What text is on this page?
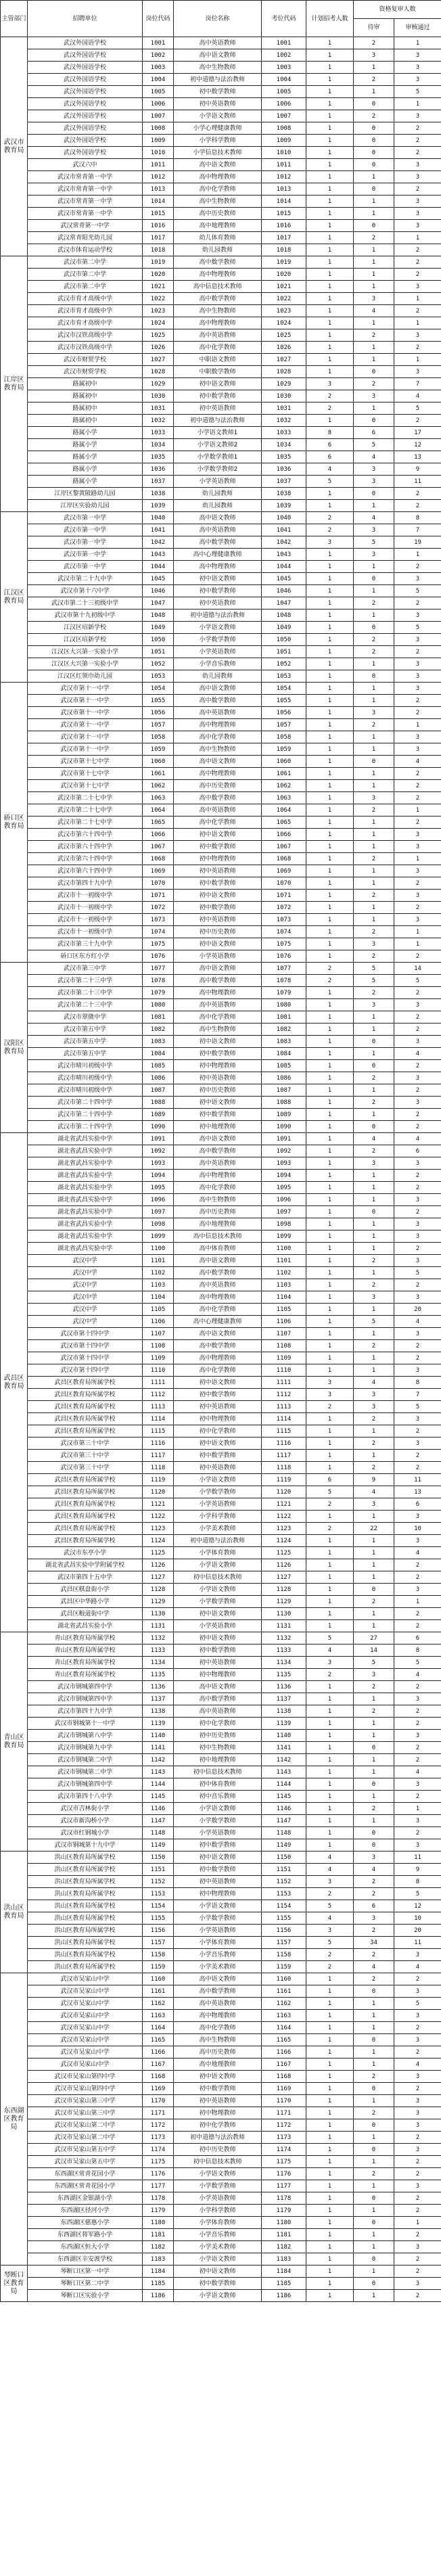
主管部门	招聘单位	岗位代码	岗位名称	考位代码	计划招考人数	资格复审人数	
						待审	审核通过
武汉市教育局	武汉外国语学校	1001	高中英语教师	1001	1	2	1
	武汉外国语学校	1002	高中语文教师	1002	1	3	3
	武汉外国语学校	1003	高中生物教师	1003	1	1	3
	武汉外国语学校	1004	初中道德与法治教师	1004	1	2	3
	武汉外国语学校	1005	初中数学教师	1005	1	1	5
	武汉外国语学校	1006	初中英语教师	1006	1	0	1
	武汉外国语学校	1007	小学语文教师	1007	1	2	3
	武汉外国语学校	1008	小学心理健康教师	1008	1	0	2
	武汉外国语学校	1009	小学科学教师	1009	1	0	2
	武汉外国语学校	1010	小学信息技术教师	1010	1	0	2
	武汉六中	1011	高中语文教师	1011	1	0	3
	武汉市常青第一中学	1012	高中物理教师	1012	1	1	3
	武汉市常青第一中学	1013	高中化学教师	1013	1	0	2
	武汉市常青第一中学	1014	高中生物教师	1014	1	1	3
	武汉市常青第一中学	1015	高中历史教师	1015	1	1	3
	武汉常青第一中学	1016	高中地理教师	1016	1	0	3
	武汉常青阳光幼儿园	1017	幼儿体育教师	1017	1	2	1
	武汉市体育运动学校	1018	幼儿园教师	1018	1	1	2
江岸区教育局	武汉市第二中学	1019	高中数学教师	1019	1	1	2
	武汉市第二中学	1020	高中物理教师	1020	1	1	2
	武汉市第二中学	1021	高中信息技术教师	1021	1	1	3
	武汉市育才高级中学	1022	高中数学教师	1022	1	3	1
	武汉市育才高级中学	1023	高中生物教师	1023	1	4	2
	武汉市育才高级中学	1024	高中物理教师	1024	1	1	1
	武汉市汉铁高级中学	1025	高中英语教师	1025	1	2	3
	武汉市汉铁高级中学	1026	高中化学教师	1026	1	1	2
	武汉市财贸学校	1027	中职语文教师	1027	1	1	1
	武汉市财贸学校	1028	中职数学教师	1028	1	0	3
	路属初中	1029	初中语文教师	1029	3	2	7
	路属初中	1030	初中数学教师	1030	2	3	4
	路属初中	1031	初中英语教师	1031	2	1	5
	路属初中	1032	初中道德与法治教师	1032	1	0	2
	路属小学	1033	小学语文教师1	1033	8	6	17
	路属小学	1034	小学语文教师2	1034	6	5	12
	路属小学	1035	小学数学教师1	1035	6	4	13
	路属小学	1036	小学数学教师2	1036	4	3	9
	路属小学	1037	小学英语教师	1037	5	3	11
	江岸区黎黄陂路幼儿园	1038	幼儿园教师	1038	1	0	2
	江岸区实验幼儿园	1039	幼儿园教师	1039	1	1	2
江汉区教育局	武汉市第一中学	1040	高中语文教师	1040	2	4	8
	武汉市第一中学	1041	高中英语教师	1041	2	3	7
	武汉市第一中学	1042	高中数学教师	1042	3	5	19
	武汉市第一中学	1043	高中心理健康教师	1043	1	3	1
	武汉市第一中学	1044	高中物理教师	1044	1	1	2
	武汉市第二十九中学	1045	初中语文教师	1045	1	0	3
	武汉市第十六中学	1046	初中数学教师	1046	1	1	5
	武汉市第二十三初级中学	1047	初中英语教师	1047	1	2	2
	武汉市第十九初级中学	1048	初中道德与法治教师	1048	1	1	3
	江汉区培新学校	1049	小学语文教师	1049	1	0	5
	江汉区培新学校	1050	小学数学教师	1050	1	2	3
	江汉区大兴第一实验小学	1051	小学英语教师	1051	1	2	2
	江汉区大兴第一实验小学	1052	小学音乐教师	1052	1	1	3
	江汉区红领巾幼儿园	1053	幼儿园教师	1053	1	0	3
硚口区教育局	武汉市第十一中学	1054	高中语文教师	1054	1	1	3
	武汉市第十一中学	1055	高中数学教师	1055	1	1	2
	武汉市第十一中学	1056	高中英语教师	1056	1	3	2
	武汉市第十一中学	1057	高中物理教师	1057	1	2	1
	武汉市第十一中学	1058	高中化学教师	1058	1	1	3
	武汉市第十一中学	1059	高中生物教师	1059	1	1	3
	武汉市第十七中学	1060	高中语文教师	1060	1	0	4
	武汉市第十七中学	1061	高中物理教师	1061	1	1	2
	武汉市第十七中学	1062	高中历史教师	1062	1	1	2
	武汉市第二十七中学	1063	高中数学教师	1063	1	3	2
	武汉市第二十七中学	1064	高中英语教师	1064	1	2	1
	武汉市第二十七中学	1065	高中化学教师	1065	1	1	2
	武汉市第六十四中学	1066	初中语文教师	1066	1	1	3
	武汉市第六十四中学	1067	初中数学教师	1067	1	1	3
	武汉市第六十四中学	1068	初中物理教师	1068	1	2	1
	武汉市第六十四中学	1069	初中英语教师	1069	1	1	3
	武汉市第四十九中学	1070	初中数学教师	1070	1	1	2
	武汉市十一初级中学	1071	初中语文教师	1071	1	2	3
	武汉市十一初级中学	1072	初中数学教师	1072	1	1	2
	武汉市十一初级中学	1073	初中英语教师	1073	1	1	3
	武汉市十一初级中学	1074	初中历史教师	1074	1	2	1
	武汉市第三十九中学	1075	初中语文教师	1075	1	3	1
	硚口区东方红小学	1076	小学英语教师	1076	1	2	2
汉阳区教育局	武汉市第三中学	1077	高中语文教师	1077	2	5	14
	武汉市第二十三中学	1078	高中数学教师	1078	2	5	5
	武汉市第二十三中学	1079	高中物理教师	1079	1	2	2
	武汉市第二十三中学	1080	高中英语教师	1080	1	3	3
	武汉市翠微中学	1081	高中化学教师	1081	1	1	2
	武汉市第五中学	1082	高中生物教师	1082	1	1	2
	武汉市第五中学	1083	初中语文教师	1083	1	0	3
	武汉市第五中学	1084	初中数学教师	1084	1	1	4
	武汉市晴川初级中学	1085	初中物理教师	1085	1	0	2
	武汉市晴川初级中学	1086	初中英语教师	1086	1	2	3
	武汉市晴川初级中学	1087	初中历史教师	1087	1	1	2
	武汉市第二十四中学	1088	初中语文教师	1088	1	2	3
	武汉市第二十四中学	1089	初中数学教师	1089	1	1	2
	武汉市第二十四中学	1090	初中地理教师	1090	1	0	2
武昌区教育局	湖北省武昌实验中学	1091	高中语文教师	1091	1	4	4
	湖北省武昌实验中学	1092	高中数学教师	1092	1	2	6
	湖北省武昌实验中学	1093	高中英语教师	1093	1	3	3
	湖北省武昌实验中学	1094	高中物理教师	1094	1	1	2
	湖北省武昌实验中学	1095	高中化学教师	1095	1	1	2
	湖北省武昌实验中学	1096	高中生物教师	1096	1	1	3
	湖北省武昌实验中学	1097	高中历史教师	1097	1	0	2
	湖北省武昌实验中学	1098	高中地理教师	1098	1	1	3
	湖北省武昌实验中学	1099	高中信息技术教师	1099	1	1	3
	湖北省武昌实验中学	1100	高中体育教师	1100	1	1	2
	武汉中学	1101	高中语文教师	1101	1	2	3
	武汉中学	1102	高中数学教师	1102	1	1	5
	武汉中学	1103	高中英语教师	1103	1	2	2
	武汉中学	1104	高中物理教师	1104	1	3	3
	武汉中学	1105	高中化学教师	1105	1	1	20
	武汉中学	1106	高中心理健康教师	1106	1	5	4
	武汉市第十四中学	1107	高中语文教师	1107	1	1	3
	武汉市第十四中学	1108	高中数学教师	1108	1	2	2
	武汉市第十四中学	1109	高中物理教师	1109	1	1	2
	武汉市第十四中学	1110	高中化学教师	1110	1	1	3
	武昌区教育局所属学校	1111	初中语文教师	1111	3	4	8
	武昌区教育局所属学校	1112	初中数学教师	1112	3	3	7
	武昌区教育局所属学校	1113	初中英语教师	1113	2	3	5
	武昌区教育局所属学校	1114	初中物理教师	1114	1	2	3
	武昌区教育局所属学校	1115	初中化学教师	1115	1	1	2
	武汉市第三十中学	1116	初中语文教师	1116	1	2	3
	武汉市第三十中学	1117	初中数学教师	1117	1	1	2
	武汉市第三十中学	1118	初中英语教师	1118	1	2	2
	武昌区教育局所属学校	1119	小学语文教师	1119	6	9	11
	武昌区教育局所属学校	1120	小学数学教师	1120	5	4	13
	武昌区教育局所属学校	1121	小学英语教师	1121	2	3	6
	武昌区教育局所属学校	1122	小学科学教师	1122	1	1	3
	武昌区教育局所属学校	1123	小学美术教师	1123	2	22	10
	武昌区教育局所属学校	1124	初中道德与法治教师	1124	1	1	3
	武汉市东亭小学	1125	小学体育教师	1125	1	1	4
	湖北省武昌实验中学附属学校	1126	小学语文教师	1126	1	1	2
	武汉市第四十五中学	1127	初中信息技术教师	1127	1	1	2
	武昌区棋盘街小学	1128	小学语文教师	1128	1	0	3
	武昌区中华路小学	1129	小学数学教师	1129	1	2	1
	武昌区粮道街中学	1130	初中语文教师	1130	1	1	2
	湖北省武昌实验小学	1131	小学英语教师	1131	1	1	2
青山区教育局	青山区教育局所属学校	1132	初中语文教师	1132	5	27	6
	青山区教育局所属学校	1133	初中数学教师	1133	4	14	8
	青山区教育局所属学校	1134	初中英语教师	1134	3	5	5
	青山区教育局所属学校	1135	初中物理教师	1135	2	3	4
	武汉市钢城第四中学	1136	高中语文教师	1136	1	2	2
	武汉市钢城第四中学	1137	高中数学教师	1137	1	1	3
	武汉市第四十九中学	1138	高中英语教师	1138	1	2	2
	武汉市钢城第十一中学	1139	初中化学教师	1139	1	1	2
	武汉市钢城第八中学	1140	初中历史教师	1140	1	1	3
	武汉市钢城第九中学	1141	初中生物教师	1141	1	0	2
	武汉市钢城第二中学	1142	初中地理教师	1142	1	1	2
	武汉市钢城第二中学	1143	初中信息技术教师	1143	1	1	4
	武汉市钢城第四中学	1144	初中体育教师	1144	1	0	3
	武汉市第四十八中学	1145	初中音乐教师	1145	1	1	2
	武汉市吉林街小学	1146	小学语文教师	1146	1	2	1
	武汉市新沟桥小学	1147	小学数学教师	1147	1	1	3
	武汉市红钢城小学	1148	小学英语教师	1148	1	0	2
	武汉市钢城第十九中学	1149	初中数学教师	1149	1	0	3
洪山区教育局	洪山区教育局所属学校	1150	初中语文教师	1150	4	3	11
	洪山区教育局所属学校	1151	初中数学教师	1151	4	4	9
	洪山区教育局所属学校	1152	初中英语教师	1152	3	2	8
	洪山区教育局所属学校	1153	初中物理教师	1153	2	2	5
	洪山区教育局所属学校	1154	小学语文教师	1154	5	6	12
	洪山区教育局所属学校	1155	小学数学教师	1155	4	3	10
	洪山区教育局所属学校	1156	小学英语教师	1156	3	2	20
	洪山区教育局所属学校	1157	小学体育教师	1157	5	34	11
	洪山区教育局所属学校	1158	小学音乐教师	1158	2	2	3
	洪山区教育局所属学校	1159	小学美术教师	1159	2	4	4
东西湖区教育局	武汉市吴家山中学	1160	高中语文教师	1160	1	2	2
	武汉市吴家山中学	1161	高中数学教师	1161	1	0	3
	武汉市吴家山中学	1162	高中英语教师	1162	1	1	5
	武汉市吴家山中学	1163	高中物理教师	1163	1	1	3
	武汉市吴家山中学	1164	高中化学教师	1164	1	1	2
	武汉市吴家山中学	1165	高中生物教师	1165	1	0	3
	武汉市吴家山中学	1166	高中历史教师	1166	1	1	2
	武汉市吴家山中学	1167	高中地理教师	1167	1	1	4
	武汉市吴家山第四中学	1168	初中语文教师	1168	1	2	3
	武汉市吴家山第四中学	1169	初中数学教师	1169	1	0	2
	武汉市吴家山第三中学	1170	初中英语教师	1170	1	1	3
	武汉市吴家山第三中学	1171	初中物理教师	1171	1	2	3
	武汉市吴家山第二中学	1172	初中化学教师	1172	1	0	3
	武汉市吴家山第二中学	1173	初中道德与法治教师	1173	1	1	2
	武汉市吴家山第五中学	1174	初中历史教师	1174	1	0	3
	武汉市吴家山第五中学	1175	初中信息技术教师	1175	1	1	2
	东西湖区常青花园小学	1176	小学语文教师	1176	1	2	2
	东西湖区常青花园小学	1177	小学数学教师	1177	1	1	3
	东西湖区金银湖小学	1178	小学英语教师	1178	1	0	2
	东西湖区径河小学	1179	小学科学教师	1179	1	1	2
	东西湖区慈惠小学	1180	小学体育教师	1180	1	0	1
	东西湖区将军路小学	1181	小学音乐教师	1181	1	1	2
	东西湖区恒大小学	1182	小学美术教师	1182	1	1	3
	东西湖区辛安渡学校	1183	小学语文教师	1183	1	0	2
琴断口区教育局	琴断口区第一中学	1184	初中语文教师	1184	1	1	2
	琴断口区第二中学	1185	初中数学教师	1185	1	0	3
	琴断口区实验小学	1186	小学语文教师	1186	1	1	2
